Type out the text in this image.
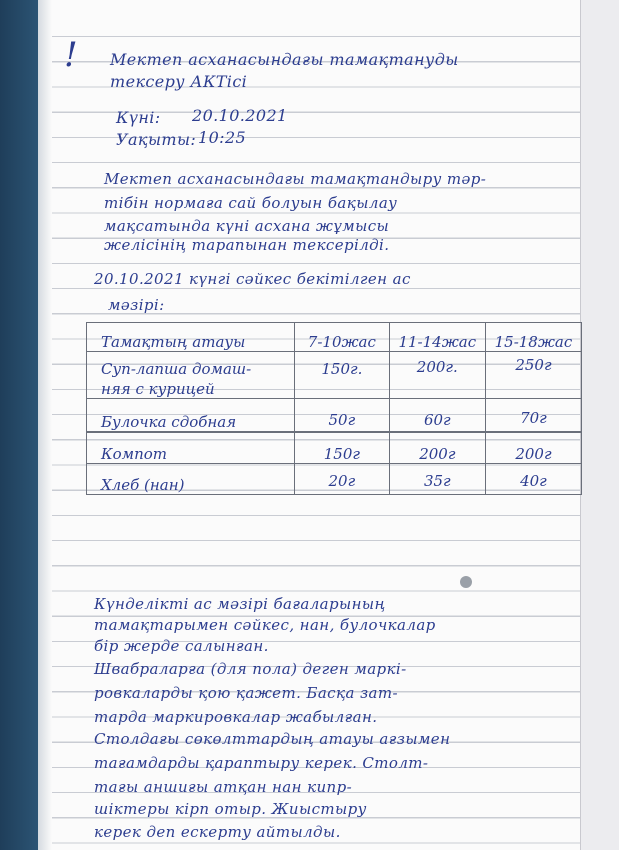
! Мектеп асханасындағы тамақтануды
тексеру АКТісі
Күні: 20.10.2021
Уақыты: 10:25
Мектеп асханасындағы тамақтандыру тәр-
тібін нормаға сай болуын бақылау
мақсатында күні асхана жұмысы
желісінің тарапынан тексерілді.
20.10.2021 күнгі сәйкес бекітілген ас
мәзірі:
Тамақтың атауы	7-10жас	11-14жас	15-18жас

Суп-лапша домаш-
няя с курицей	150г.	200г.	250г

Булочка сдобная	50г	60г	70г

Компот	150г	200г	200г

Хлеб (нан)	20г	35г	40г
Күнделікті ас мәзірі бағаларының
тамақтарымен сәйкес, нан, булочкалар
бір жерде салынған.
Швабраларға (для пола) деген маркі-
ровкаларды қою қажет. Басқа зат-
тарда маркировкалар жабылған.
Столдағы сөкөлттардың атауы ағзымен
тағамдарды қараптыру керек. Столт-
тағы аншиғы атқан нан кипр-
шіктеры кірп отыр. Жиыстыру
керек деп ескерту айтылды.
